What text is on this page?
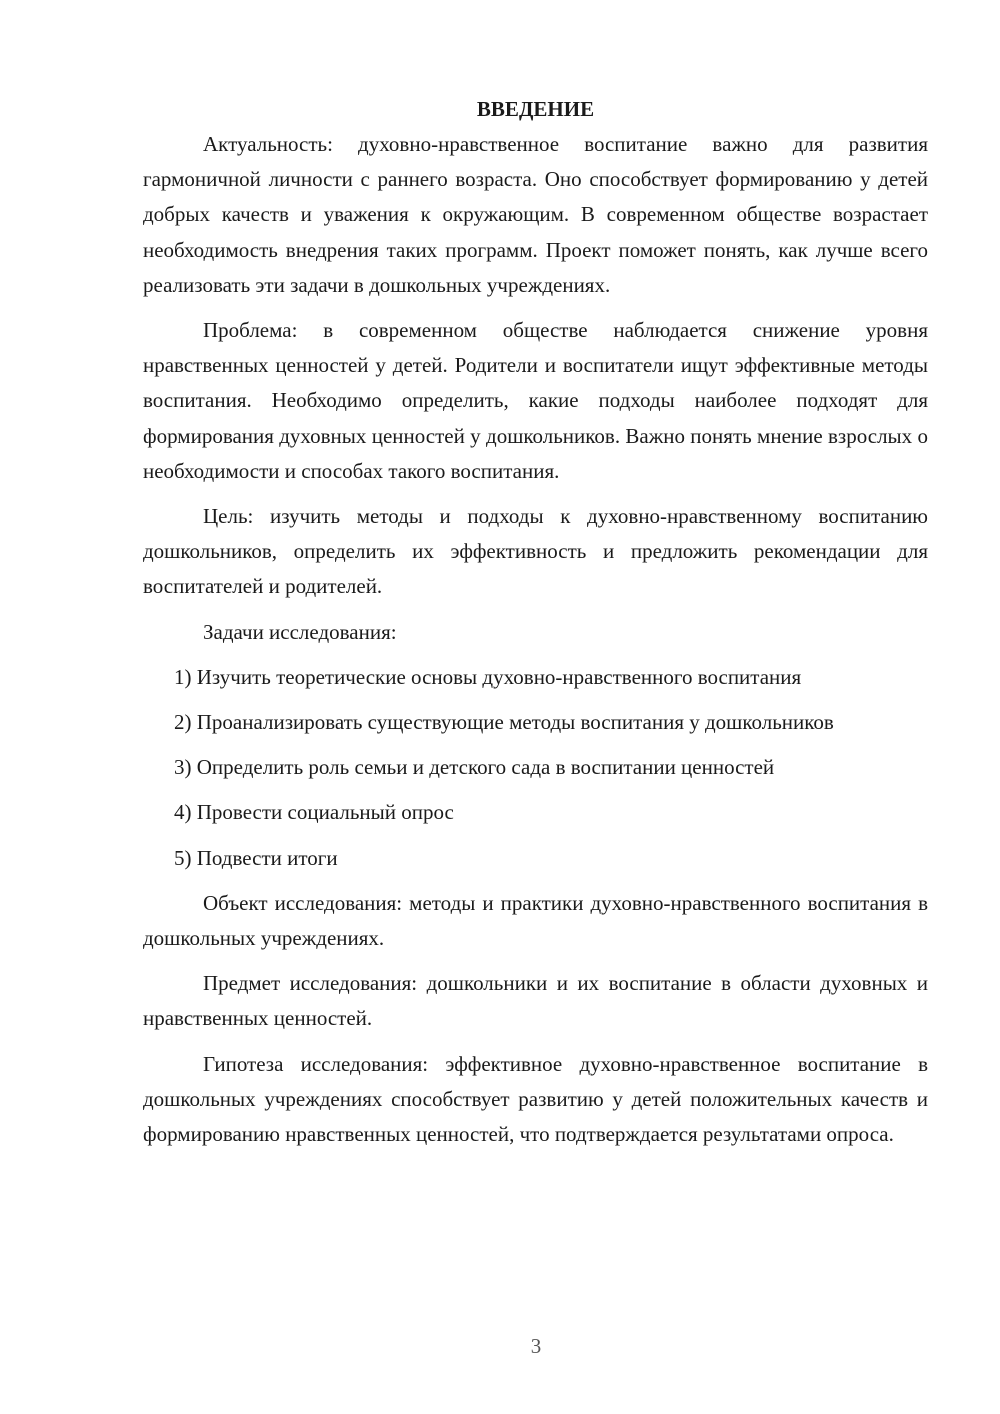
ВВЕДЕНИЕ

Актуальность: духовно-нравственное воспитание важно для развития гармоничной личности с раннего возраста. Оно способствует формированию у детей добрых качеств и уважения к окружающим. В современном обществе возрастает необходимость внедрения таких программ. Проект поможет понять, как лучше всего реализовать эти задачи в дошкольных учреждениях.

Проблема: в современном обществе наблюдается снижение уровня нравственных ценностей у детей. Родители и воспитатели ищут эффективные методы воспитания. Необходимо определить, какие подходы наиболее подходят для формирования духовных ценностей у дошкольников. Важно понять мнение взрослых о необходимости и способах такого воспитания.

Цель: изучить методы и подходы к духовно-нравственному воспитанию дошкольников, определить их эффективность и предложить рекомендации для воспитателей и родителей.

Задачи исследования:

1) Изучить теоретические основы духовно-нравственного воспитания

2) Проанализировать существующие методы воспитания у дошкольников

3) Определить роль семьи и детского сада в воспитании ценностей

4) Провести социальный опрос

5) Подвести итоги

Объект исследования: методы и практики духовно-нравственного воспитания в дошкольных учреждениях.

Предмет исследования: дошкольники и их воспитание в области духовных и нравственных ценностей.

Гипотеза исследования: эффективное духовно-нравственное воспитание в дошкольных учреждениях способствует развитию у детей положительных качеств и формированию нравственных ценностей, что подтверждается результатами опроса.

3
